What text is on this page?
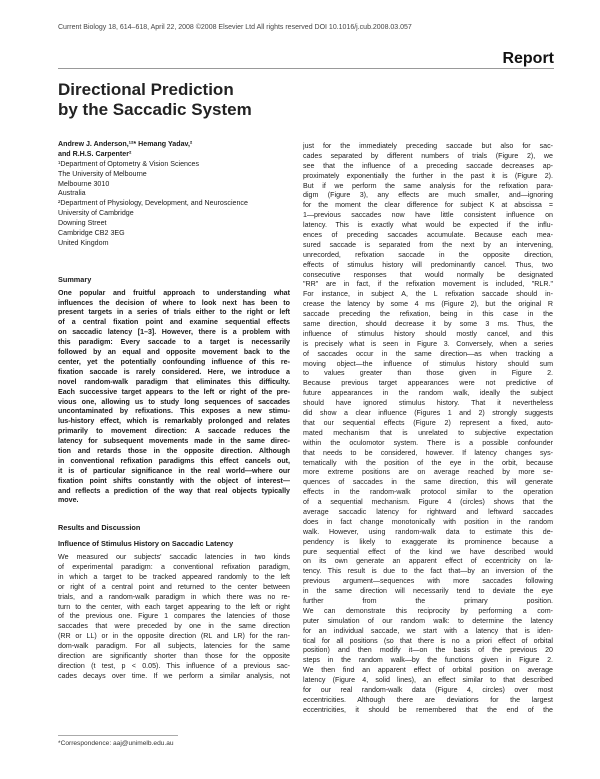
Current Biology 18, 614–618, April 22, 2008 ©2008 Elsevier Ltd All rights reserved DOI 10.1016/j.cub.2008.03.057
Report
Directional Prediction
by the Saccadic System
Andrew J. Anderson,¹²* Hemang Yadav,²
and R.H.S. Carpenter²
¹Department of Optometry & Vision Sciences
The University of Melbourne
Melbourne 3010
Australia
²Department of Physiology, Development, and Neuroscience
University of Cambridge
Downing Street
Cambridge CB2 3EG
United Kingdom
Summary
One popular and fruitful approach to understanding what
influences the decision of where to look next has been to
present targets in a series of trials either to the right or left
of a central fixation point and examine sequential effects
on saccadic latency [1–3]. However, there is a problem with
this paradigm: Every saccade to a target is necessarily
followed by an equal and opposite movement back to the
center, yet the potentially confounding influence of this re-
fixation saccade is rarely considered. Here, we introduce a
novel random-walk paradigm that eliminates this difficulty.
Each successive target appears to the left or right of the pre-
vious one, allowing us to study long sequences of saccades
uncontaminated by refixations. This exposes a new stimu-
lus-history effect, which is remarkably prolonged and relates
primarily to movement direction: A saccade reduces the
latency for subsequent movements made in the same direc-
tion and retards those in the opposite direction. Although
in conventional refixation paradigms this effect cancels out,
it is of particular significance in the real world—where our
fixation point shifts constantly with the object of interest—
and reflects a prediction of the way that real objects typically
move.
Results and Discussion
Influence of Stimulus History on Saccadic Latency
We measured our subjects' saccadic latencies in two kinds
of experimental paradigm: a conventional refixation paradigm,
in which a target to be tracked appeared randomly to the left
or right of a central point and returned to the center between
trials, and a random-walk paradigm in which there was no re-
turn to the center, with each target appearing to the left or right
of the previous one. Figure 1 compares the latencies of those
saccades that were preceded by one in the same direction
(RR or LL) or in the opposite direction (RL and LR) for the ran-
dom-walk paradigm. For all subjects, latencies for the same
direction are significantly shorter than those for the opposite
direction (t test, p < 0.05). This influence of a previous sac-
cades decays over time. If we perform a similar analysis, not
just for the immediately preceding saccade but also for sac-
cades separated by different numbers of trials (Figure 2), we
see that the influence of a preceding saccade decreases ap-
proximately exponentially the further in the past it is (Figure 2).
But if we perform the same analysis for the refixation para-
digm (Figure 3), any effects are much smaller, and—ignoring
for the moment the clear difference for subject K at abscissa =
1—previous saccades now have little consistent influence on
latency. This is exactly what would be expected if the influ-
ences of preceding saccades accumulate. Because each mea-
sured saccade is separated from the next by an intervening,
unrecorded, refixation saccade in the opposite direction,
effects of stimulus history will predominantly cancel. Thus, two
consecutive responses that would normally be designated
"RR" are in fact, if the refixation movement is included, "RLR."
For instance, in subject A, the L refixation saccade should in-
crease the latency by some 4 ms (Figure 2), but the original R
saccade preceding the refixation, being in this case in the
same direction, should decrease it by some 3 ms. Thus, the
influence of stimulus history should mostly cancel, and this
is precisely what is seen in Figure 3. Conversely, when a series
of saccades occur in the same direction—as when tracking a
moving object—the influence of stimulus history should sum
to values greater than those given in Figure 2.
Because previous target appearances were not predictive of
future appearances in the random walk, ideally the subject
should have ignored stimulus history. That it nevertheless
did show a clear influence (Figures 1 and 2) strongly suggests
that our sequential effects (Figure 2) represent a fixed, auto-
mated mechanism that is unrelated to subjective expectation
within the oculomotor system. There is a possible confounder
that needs to be considered, however. If latency changes sys-
tematically with the position of the eye in the orbit, because
more extreme positions are on average reached by more se-
quences of saccades in the same direction, this will generate
effects in the random-walk protocol similar to the operation
of a sequential mechanism. Figure 4 (circles) shows that the
average saccadic latency for rightward and leftward saccades
does in fact change monotonically with position in the random
walk. However, using random-walk data to estimate this de-
pendency is likely to exaggerate its prominence because a
pure sequential effect of the kind we have described would
on its own generate an apparent effect of eccentricity on la-
tency. This result is due to the fact that—by an inversion of the
previous argument—sequences with more saccades following
in the same direction will necessarily tend to deviate the eye
further from the primary position.
We can demonstrate this reciprocity by performing a com-
puter simulation of our random walk: to determine the latency
for an individual saccade, we start with a latency that is iden-
tical for all positions (so that there is no a priori effect of orbital
position) and then modify it—on the basis of the previous 20
steps in the random walk—by the functions given in Figure 2.
We then find an apparent effect of orbital position on average
latency (Figure 4, solid lines), an effect similar to that described
for our real random-walk data (Figure 4, circles) over most
eccentricities. Although there are deviations for the largest
eccentricities, it should be remembered that the end of the
*Correspondence: aaj@unimelb.edu.au
